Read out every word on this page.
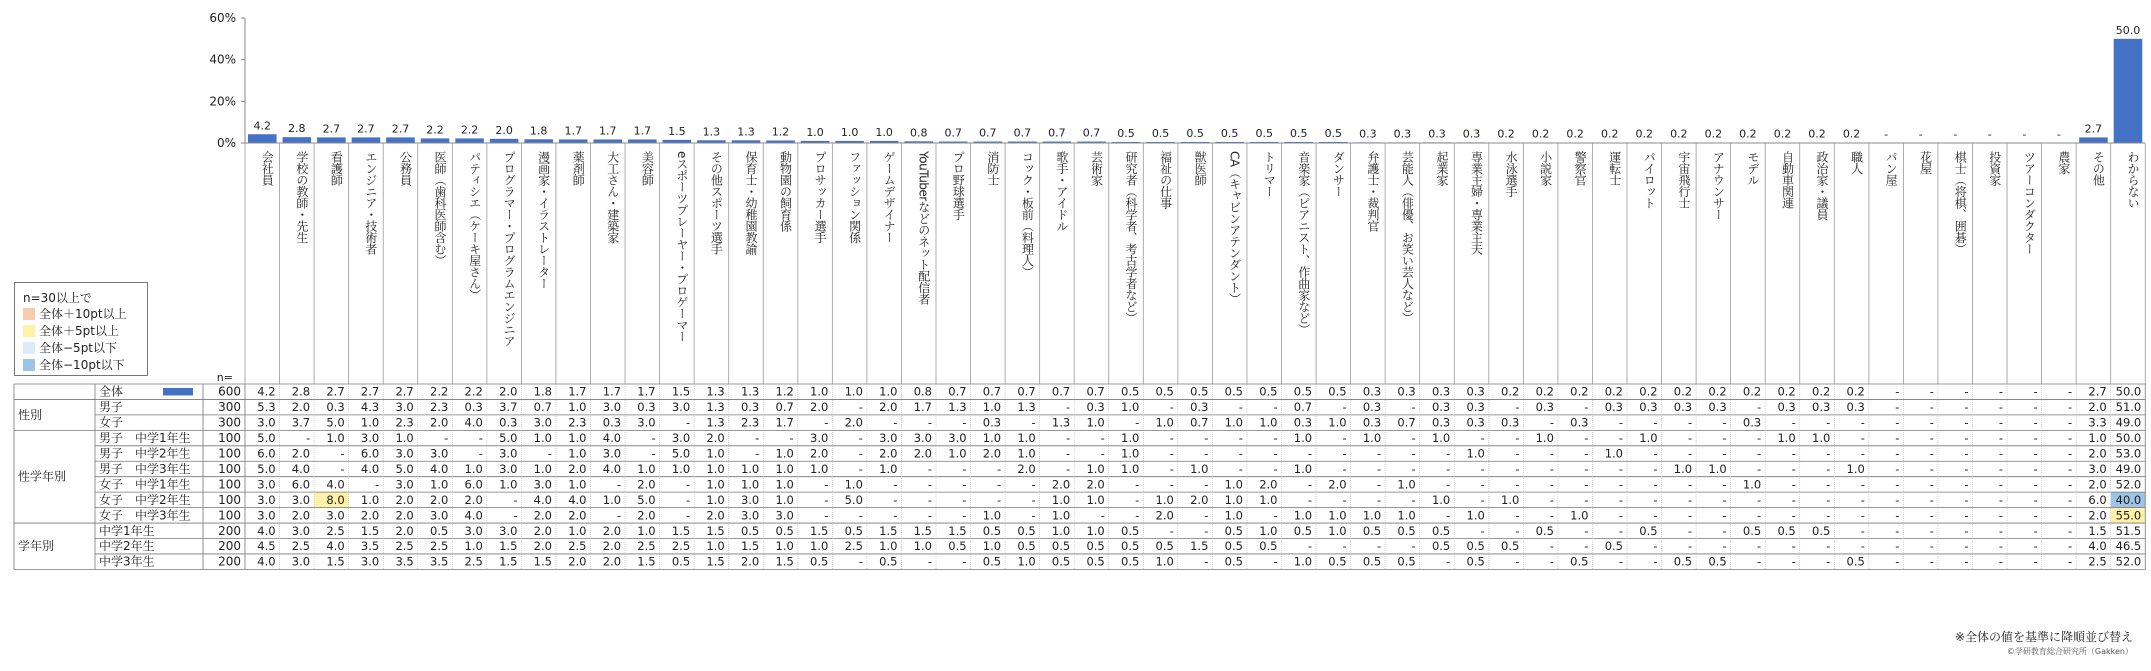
60%
40%
20%
0%
4.2 2.8 2.7 2.7 2.7 2.2 2.2 2.0 1.8 1.7 1.7 1.7 1.5 1.3 1.3 1.2 1.0 1.0 1.0 0.8 0.7 0.7 0.7 0.7 0.7 0.5 0.5 0.5 0.5 0.5 0.5 0.5 0.3 0.3 0.3 0.3 0.2 0.2 0.2 0.2 0.2 0.2 0.2 0.2 0.2 0.2 0.2 -	-	-	-	-	- 2.7
50.0
会社員 学校の教師・先生 看護師 エンジニア・技術者 公務員 医師（歯科医師含む） パティシエ（ケーキ屋さん） プログラマー・プログラムエンジニア 漫画家・イラストレーター 薬剤師 大工さん・建築家 美容師 eスポーツプレーヤー・プロゲーマー その他スポーツ選手 保育士・幼稚園教諭 動物園の飼育係 プロサッカー選手 ファッション関係 ゲームデザイナー YouTuberなどのネット配信者 プロ野球選手 消防士 コック・板前（料理人） 歌手・アイドル 芸術家 研究者（科学者、考古学者など） 福祉の仕事 獣医師 CA（キャビンアテンダント） トリマー 音楽家（ピアニスト、作曲家など） ダンサー 弁護士・裁判官 芸能人（俳優、お笑い芸人など） 起業家 専業主婦・専業主夫 水泳選手 小説家 警察官 運転士 パイロット 宇宙飛行士 アナウンサー モデル 自動車関連 政治家・議員 職人 パン屋 花屋 棋士（将棋、囲碁） 投資家 ツアーコンダクター 農家 その他 わからない
n=
性別
性学年別
学年別
全体	600 4.2 2.8 2.7 2.7 2.7 2.2 2.2 2.0 1.8 1.7 1.7 1.7 1.5 1.3 1.3 1.2 1.0 1.0 1.0 0.8 0.7 0.7 0.7 0.7 0.7 0.5 0.5 0.5 0.5 0.5 0.5 0.5 0.3 0.3 0.3 0.3 0.2 0.2 0.2 0.2 0.2 0.2 0.2 0.2 0.2 0.2 0.2	-	-	-	-	-	- 2.7 50.0
男子	300 5.3 2.0 0.3 4.3 3.0 2.3 0.3 3.7 0.7 1.0 3.0 0.3 3.0 1.3 0.3 0.7 2.0	- 2.0 1.7 1.3 1.0 1.3	- 0.3 1.0	- 0.3	-	- 0.7	- 0.3	- 0.3 0.3	- 0.3	- 0.3 0.3 0.3 0.3	- 0.3 0.3 0.3	-	-	-	-	-	- 2.0 51.0
女子	300 3.0 3.7 5.0 1.0 2.3 2.0 4.0 0.3 3.0 2.3 0.3 3.0	- 1.3 2.3 1.7	- 2.0	-	-	- 0.3	- 1.3 1.0	- 1.0 0.7 1.0 1.0 0.3 1.0 0.3 0.7 0.3 0.3 0.3	- 0.3	-	-	-	- 0.3	-	-	-	-	-	-	-	-	- 3.3 49.0
男子　中学1年生 100 5.0	- 1.0 3.0 1.0	-	- 5.0 1.0 1.0 4.0	- 3.0 2.0	-	- 3.0	- 3.0 3.0 3.0 1.0 1.0	-	- 1.0	-	-	-	- 1.0	- 1.0	- 1.0	-	- 1.0	-	- 1.0	-	-	- 1.0 1.0	-	-	-	-	-	-	- 1.0 50.0
男子　中学2年生 100 6.0 2.0	- 6.0 3.0 3.0	- 3.0	- 1.0 3.0	- 5.0 1.0	- 1.0 2.0	- 2.0 2.0 1.0 2.0 1.0	-	- 1.0	-	-	-	-	-	-	-	-	- 1.0	-	-	- 1.0	-	-	-	-	-	-	-	-	-	-	-	-	- 2.0 53.0
男子　中学3年生 100 5.0 4.0	- 4.0 5.0 4.0 1.0 3.0 1.0 2.0 4.0 1.0 1.0 1.0 1.0 1.0 1.0	- 1.0	-	-	- 2.0	- 1.0 1.0	- 1.0	-	- 1.0	-	-	-	-	-	-	-	-	-	- 1.0 1.0	-	-	- 1.0	-	-	-	-	-	- 3.0 49.0
女子　中学1年生 100 3.0 6.0 4.0	- 3.0 1.0 6.0 1.0 3.0 1.0	- 2.0	- 1.0 1.0 1.0	- 1.0	-	-	-	-	- 2.0 2.0	-	-	- 1.0 2.0	- 2.0	- 1.0	-	-	-	-	-	-	-	-	- 1.0	-	-	-	-	-	-	-	-	- 2.0 52.0
女子　中学2年生 100 3.0 3.0 8.0 1.0 2.0 2.0 2.0	- 4.0 4.0 1.0 5.0	- 1.0 3.0 1.0	- 5.0	-	-	-	-	- 1.0 1.0	- 1.0 2.0 1.0 1.0	-	-	-	- 1.0	- 1.0	-	-	-	-	-	-	-	-	-	-	-	-	-	-	-	- 6.0 40.0
女子　中学3年生 100 3.0 2.0 3.0 2.0 2.0 3.0 4.0	- 2.0 2.0	- 2.0	- 2.0 3.0 3.0	-	-	-	-	- 1.0	- 1.0	-	- 2.0	- 1.0	- 1.0 1.0 1.0 1.0	- 1.0	-	- 1.0	-	-	-	-	-	-	-	-	-	-	-	-	-	- 2.0 55.0
中学1年生	200 4.0 3.0 2.5 1.5 2.0 0.5 3.0 3.0 2.0 1.0 2.0 1.0 1.5 1.5 0.5 0.5 1.5 0.5 1.5 1.5 1.5 0.5 0.5 1.0 1.0 0.5	-	- 0.5 1.0 0.5 1.0 0.5 0.5 0.5	-	- 0.5	-	- 0.5	-	- 0.5 0.5 0.5	-	-	-	-	-	-	- 1.5 51.5
中学2年生	200 4.5 2.5 4.0 3.5 2.5 2.5 1.0 1.5 2.0 2.5 2.0 2.5 2.5 1.0 1.5 1.0 1.0 2.5 1.0 1.0 0.5 1.0 0.5 0.5 0.5 0.5 0.5 1.5 0.5 0.5	-	-	-	- 0.5 0.5 0.5	-	- 0.5	-	-	-	-	-	-	-	-	-	-	-	-	- 4.0 46.5
中学3年生	200 4.0 3.0 1.5 3.0 3.5 3.5 2.5 1.5 1.5 2.0 2.0 1.5 0.5 1.5 2.0 1.5 0.5	- 0.5	-	- 0.5 1.0 0.5 0.5 0.5 1.0	- 0.5	- 1.0 0.5 0.5 0.5	- 0.5	-	- 0.5	-	- 0.5 0.5	-	-	- 0.5	-	-	-	-	-	- 2.5 52.0
n=30以上で
全体＋10pt以上
全体＋5pt以上
全体−5pt以下
全体−10pt以下
※全体の値を基準に降順並び替え
©学研教育総合研究所（Gakken）
